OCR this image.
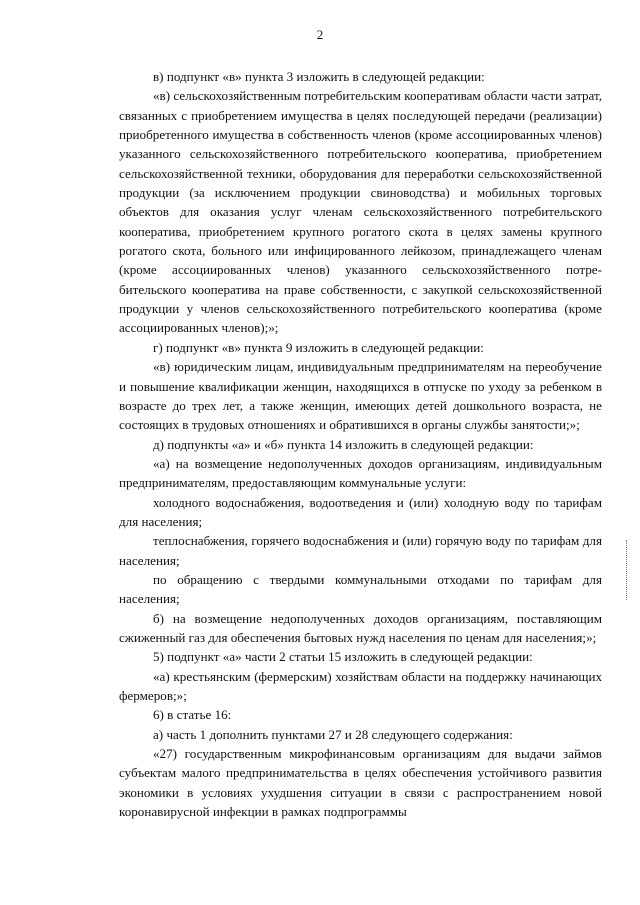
2

в) подпункт «в» пункта 3 изложить в следующей редакции:

«в) сельскохозяйственным потребительским кооперативам области части затрат, связанных с приобретением имущества в целях последующей передачи (реализации) приобретенного имущества в собственность членов (кроме ассоциированных членов) указанного сельскохозяйственного потребительского кооператива, приобретением сельскохозяйственной техники, оборудования для переработки сельскохозяйственной продукции (за исключением продукции свиноводства) и мобильных торговых объектов для оказания услуг членам сельскохозяйственного потребительского кооператива, приобретением крупного рогатого скота в целях замены крупного рогатого скота, больного или инфицированного лейкозом, принадлежащего членам (кроме ассоциированных членов) указанного сельскохозяйственного потребительского кооператива на праве собственности, с закупкой сельскохозяйственной продукции у членов сельскохозяйственного потребительского кооператива (кроме ассоциированных членов);»;

г) подпункт «в» пункта 9 изложить в следующей редакции:

«в) юридическим лицам, индивидуальным предпринимателям на переобучение и повышение квалификации женщин, находящихся в отпуске по уходу за ребенком в возрасте до трех лет, а также женщин, имеющих детей дошкольного возраста, не состоящих в трудовых отношениях и обратившихся в органы службы занятости;»;

д) подпункты «а» и «б» пункта 14 изложить в следующей редакции:

«а) на возмещение недополученных доходов организациям, индивидуальным предпринимателям, предоставляющим коммунальные услуги:

холодного водоснабжения, водоотведения и (или) холодную воду по тарифам для населения;

теплоснабжения, горячего водоснабжения и (или) горячую воду по тарифам для населения;

по обращению с твердыми коммунальными отходами по тарифам для населения;

б) на возмещение недополученных доходов организациям, поставляющим сжиженный газ для обеспечения бытовых нужд населения по ценам для населения;»;

5) подпункт «а» части 2 статьи 15 изложить в следующей редакции:

«а) крестьянским (фермерским) хозяйствам области на поддержку начинающих фермеров;»;

6) в статье 16:

а) часть 1 дополнить пунктами 27 и 28 следующего содержания:

«27) государственным микрофинансовым организациям для выдачи займов субъектам малого предпринимательства в целях обеспечения устойчивого развития экономики в условиях ухудшения ситуации в связи с распространением новой коронавирусной инфекции в рамках подпрограммы
